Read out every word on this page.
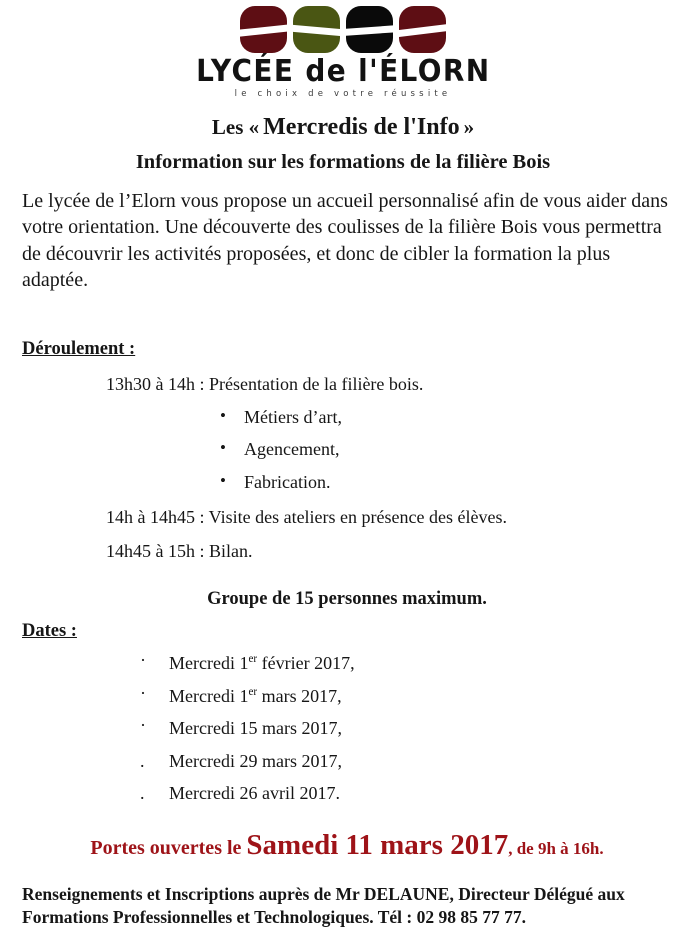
LYCÉE de l'ÉLORN
le choix de votre réussite
Les « Mercredis de l'Info »
Information sur les formations de la filière Bois

Le lycée de l’Elorn vous propose un accueil personnalisé afin de vous aider dans votre orientation. Une découverte des coulisses de la filière Bois vous permettra de découvrir les activités proposées, et donc de cibler la formation la plus adaptée.

Déroulement :
13h30 à 14h : Présentation de la filière bois.
• Métiers d’art,
• Agencement,
• Fabrication.
14h à 14h45 : Visite des ateliers en présence des élèves.
14h45 à 15h : Bilan.
Groupe de 15 personnes maximum.
Dates :
· Mercredi 1er février 2017,
· Mercredi 1er mars 2017,
· Mercredi 15 mars 2017,
. Mercredi 29 mars 2017,
. Mercredi 26 avril 2017.
Portes ouvertes le Samedi 11 mars 2017, de 9h à 16h.
Renseignements et Inscriptions auprès de Mr DELAUNE, Directeur Délégué aux
Formations Professionnelles et Technologiques. Tél : 02 98 85 77 77.
